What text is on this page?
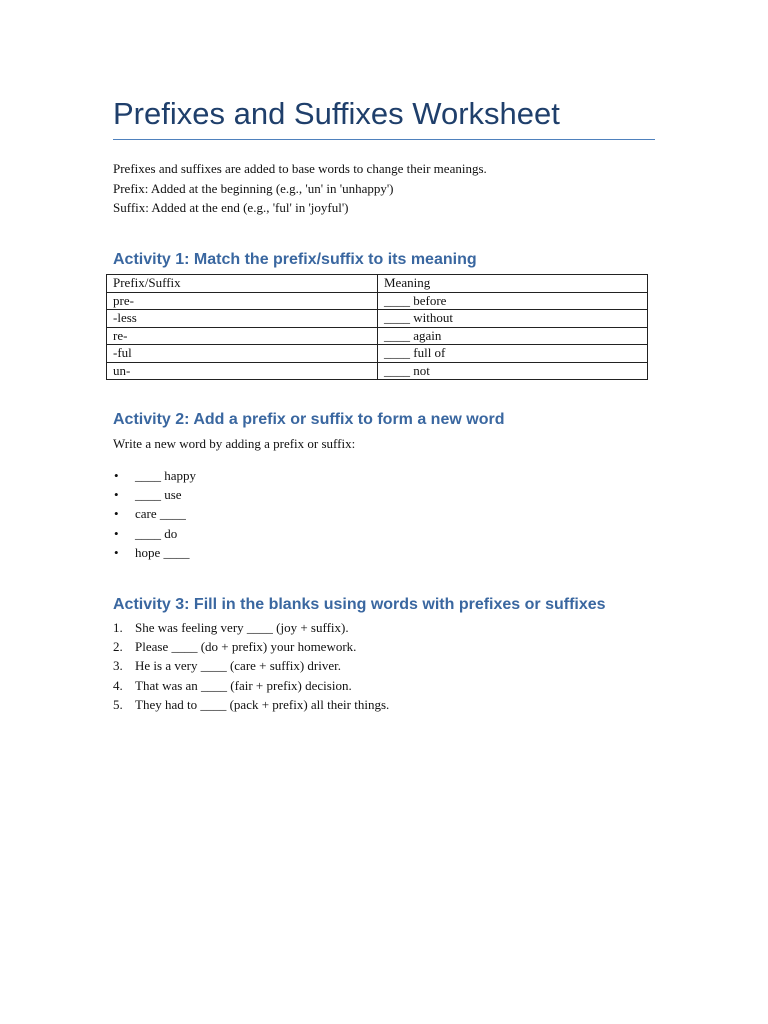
Prefixes and Suffixes Worksheet

Prefixes and suffixes are added to base words to change their meanings.

Prefix: Added at the beginning (e.g., 'un' in 'unhappy')

Suffix: Added at the end (e.g., 'ful' in 'joyful')

Activity 1: Match the prefix/suffix to its meaning
Prefix/Suffix	Meaning
pre-	____ before
-less	____ without
re-	____ again
-ful	____ full of
un-	____ not
Activity 2: Add a prefix or suffix to form a new word

Write a new word by adding a prefix or suffix:

• ____ happy
• ____ use
• care ____
• ____ do
• hope ____
Activity 3: Fill in the blanks using words with prefixes or suffixes
1. She was feeling very ____ (joy + suffix).
2. Please ____ (do + prefix) your homework.
3. He is a very ____ (care + suffix) driver.
4. That was an ____ (fair + prefix) decision.
5. They had to ____ (pack + prefix) all their things.
